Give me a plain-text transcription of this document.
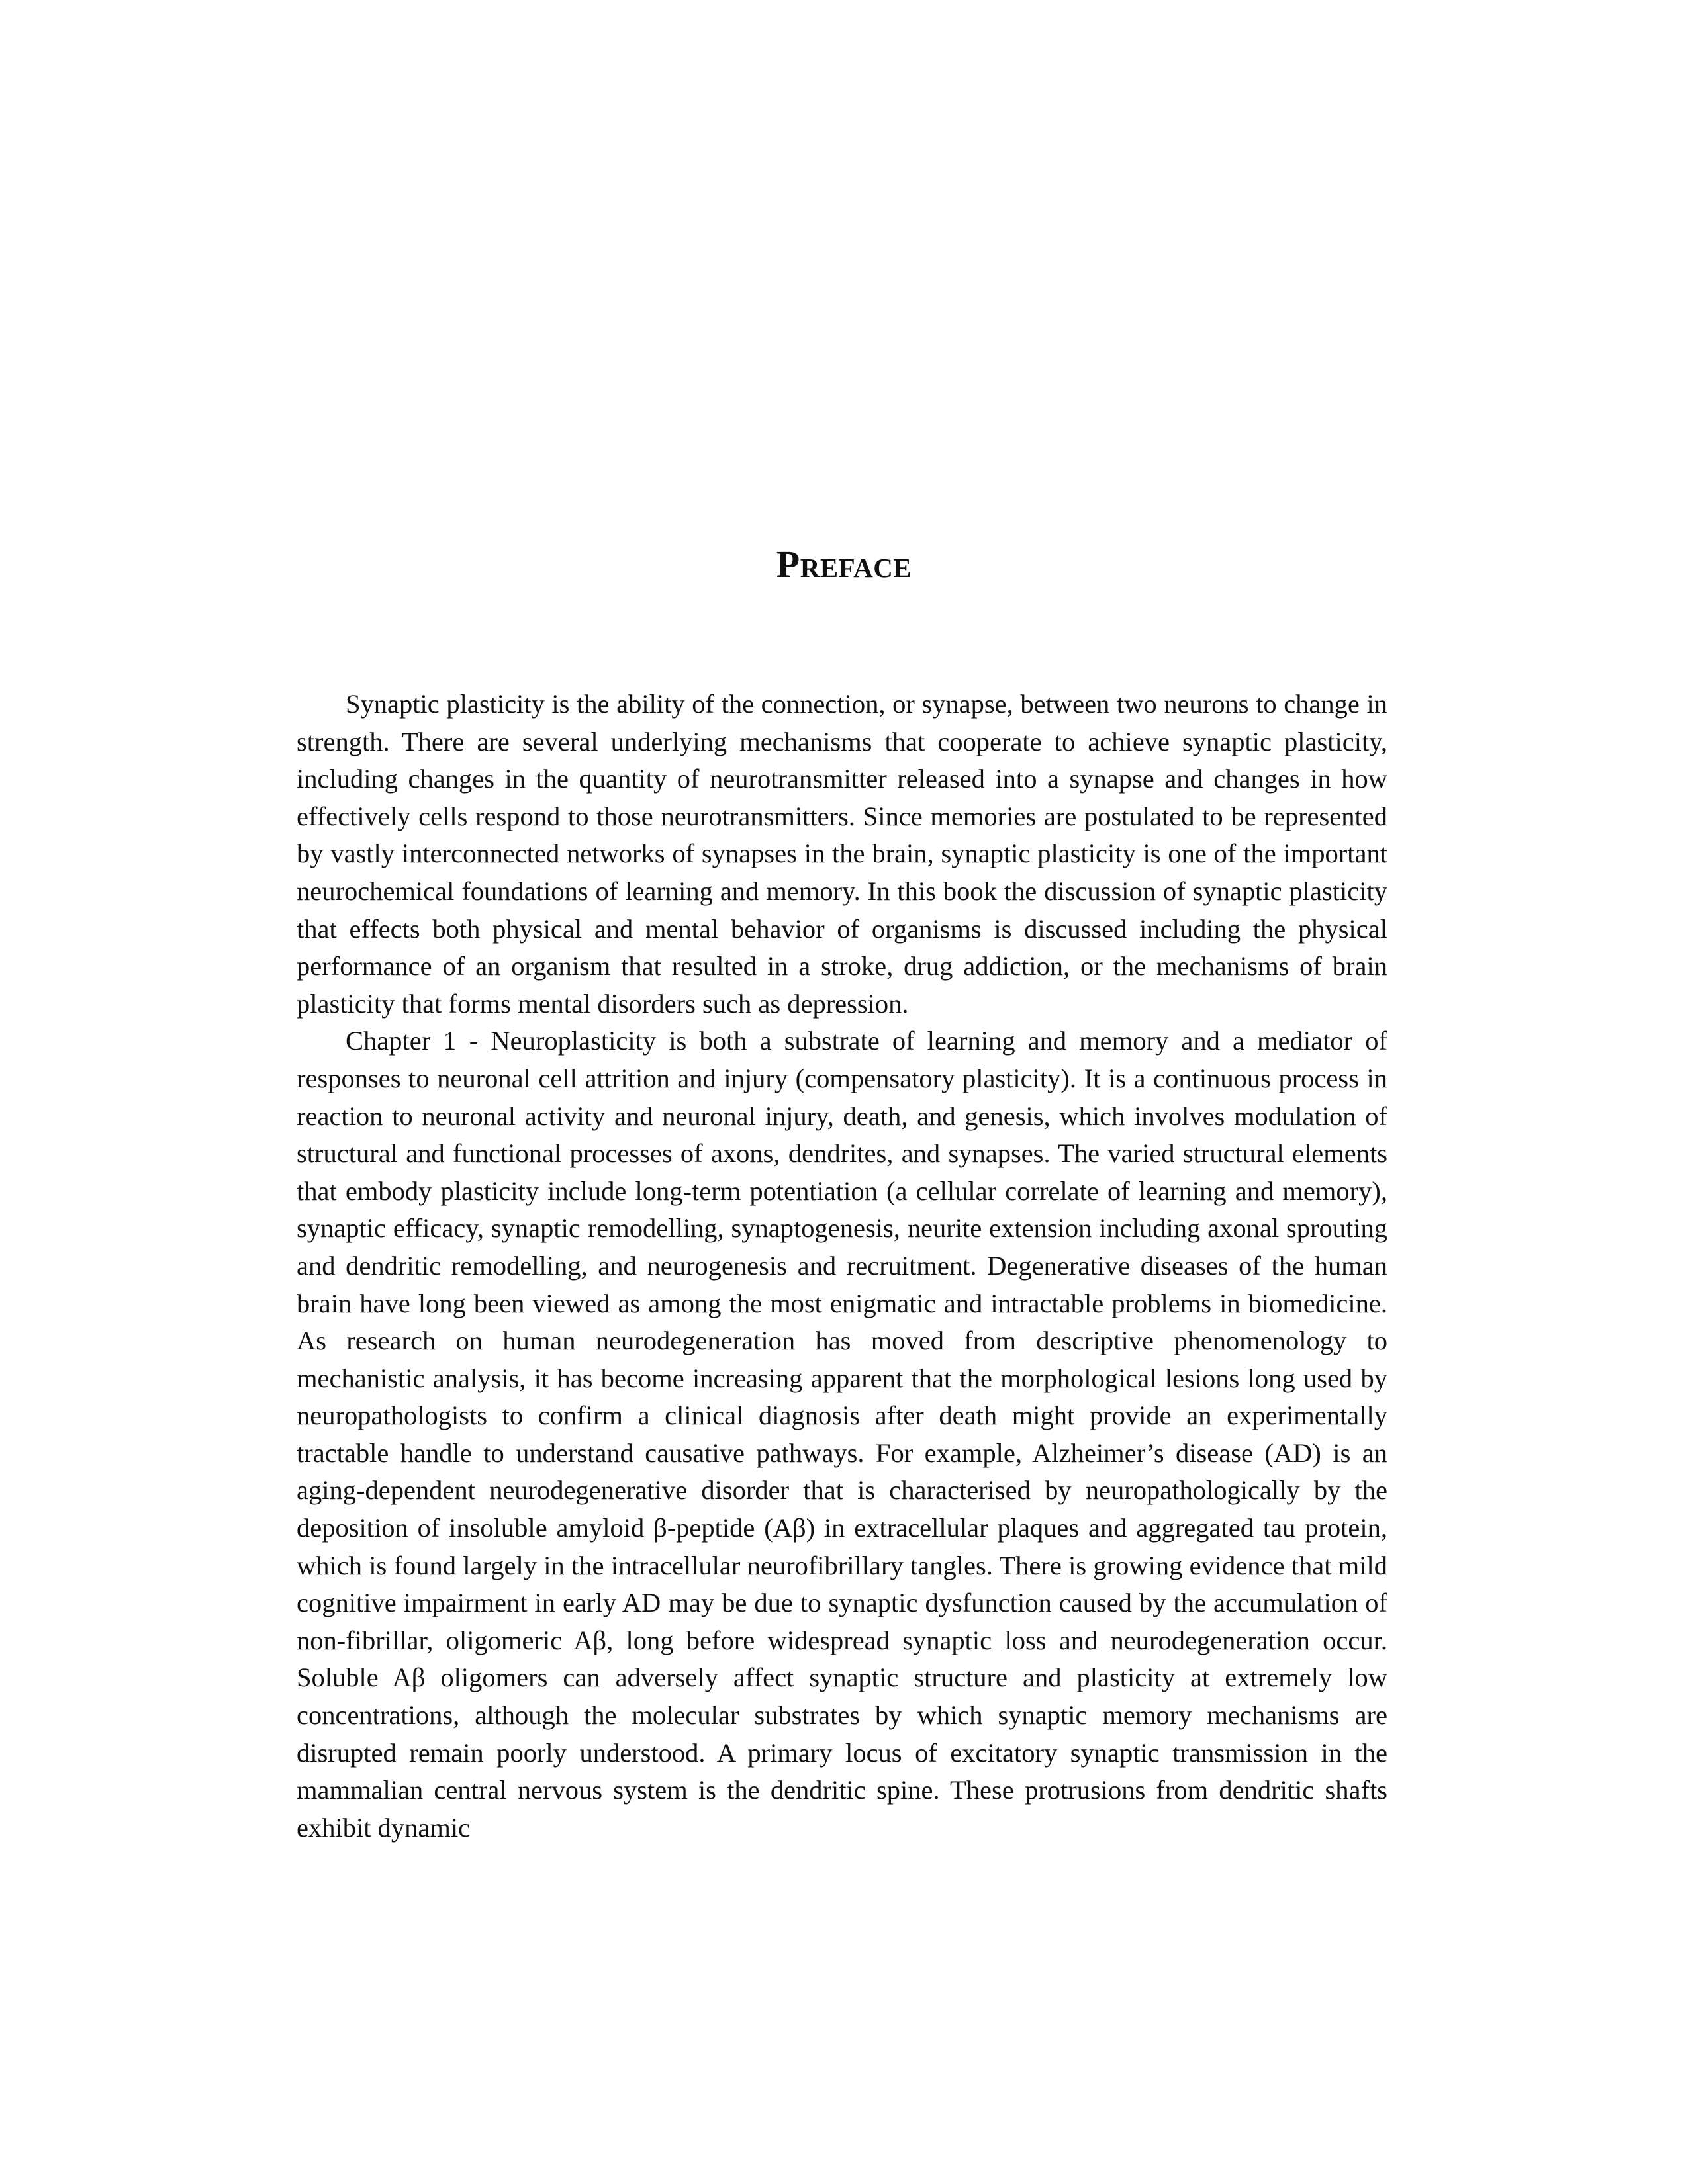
Preface

Synaptic plasticity is the ability of the connection, or synapse, between two neurons to change in strength. There are several underlying mechanisms that cooperate to achieve synaptic plasticity, including changes in the quantity of neurotransmitter released into a synapse and changes in how effectively cells respond to those neurotransmitters. Since memories are postulated to be represented by vastly interconnected networks of synapses in the brain, synaptic plasticity is one of the important neurochemical foundations of learning and memory. In this book the discussion of synaptic plasticity that effects both physical and mental behavior of organisms is discussed including the physical performance of an organism that resulted in a stroke, drug addiction, or the mechanisms of brain plasticity that forms mental disorders such as depression.

Chapter 1 - Neuroplasticity is both a substrate of learning and memory and a mediator of responses to neuronal cell attrition and injury (compensatory plasticity). It is a continuous process in reaction to neuronal activity and neuronal injury, death, and genesis, which involves modulation of structural and functional processes of axons, dendrites, and synapses. The varied structural elements that embody plasticity include long-term potentiation (a cellular correlate of learning and memory), synaptic efficacy, synaptic remodelling, synaptogenesis, neurite extension including axonal sprouting and dendritic remodelling, and neurogenesis and recruitment. Degenerative diseases of the human brain have long been viewed as among the most enigmatic and intractable problems in biomedicine. As research on human neurodegeneration has moved from descriptive phenomenology to mechanistic analysis, it has become increasing apparent that the morphological lesions long used by neuropathologists to confirm a clinical diagnosis after death might provide an experimentally tractable handle to understand causative pathways. For example, Alzheimer’s disease (AD) is an aging-dependent neurodegenerative disorder that is characterised by neuropathologically by the deposition of insoluble amyloid β-peptide (Aβ) in extracellular plaques and aggregated tau protein, which is found largely in the intracellular neurofibrillary tangles. There is growing evidence that mild cognitive impairment in early AD may be due to synaptic dysfunction caused by the accumulation of non-fibrillar, oligomeric Aβ, long before widespread synaptic loss and neurodegeneration occur. Soluble Aβ oligomers can adversely affect synaptic structure and plasticity at extremely low concentrations, although the molecular substrates by which synaptic memory mechanisms are disrupted remain poorly understood. A primary locus of excitatory synaptic transmission in the mammalian central nervous system is the dendritic spine. These protrusions from dendritic shafts exhibit dynamic
